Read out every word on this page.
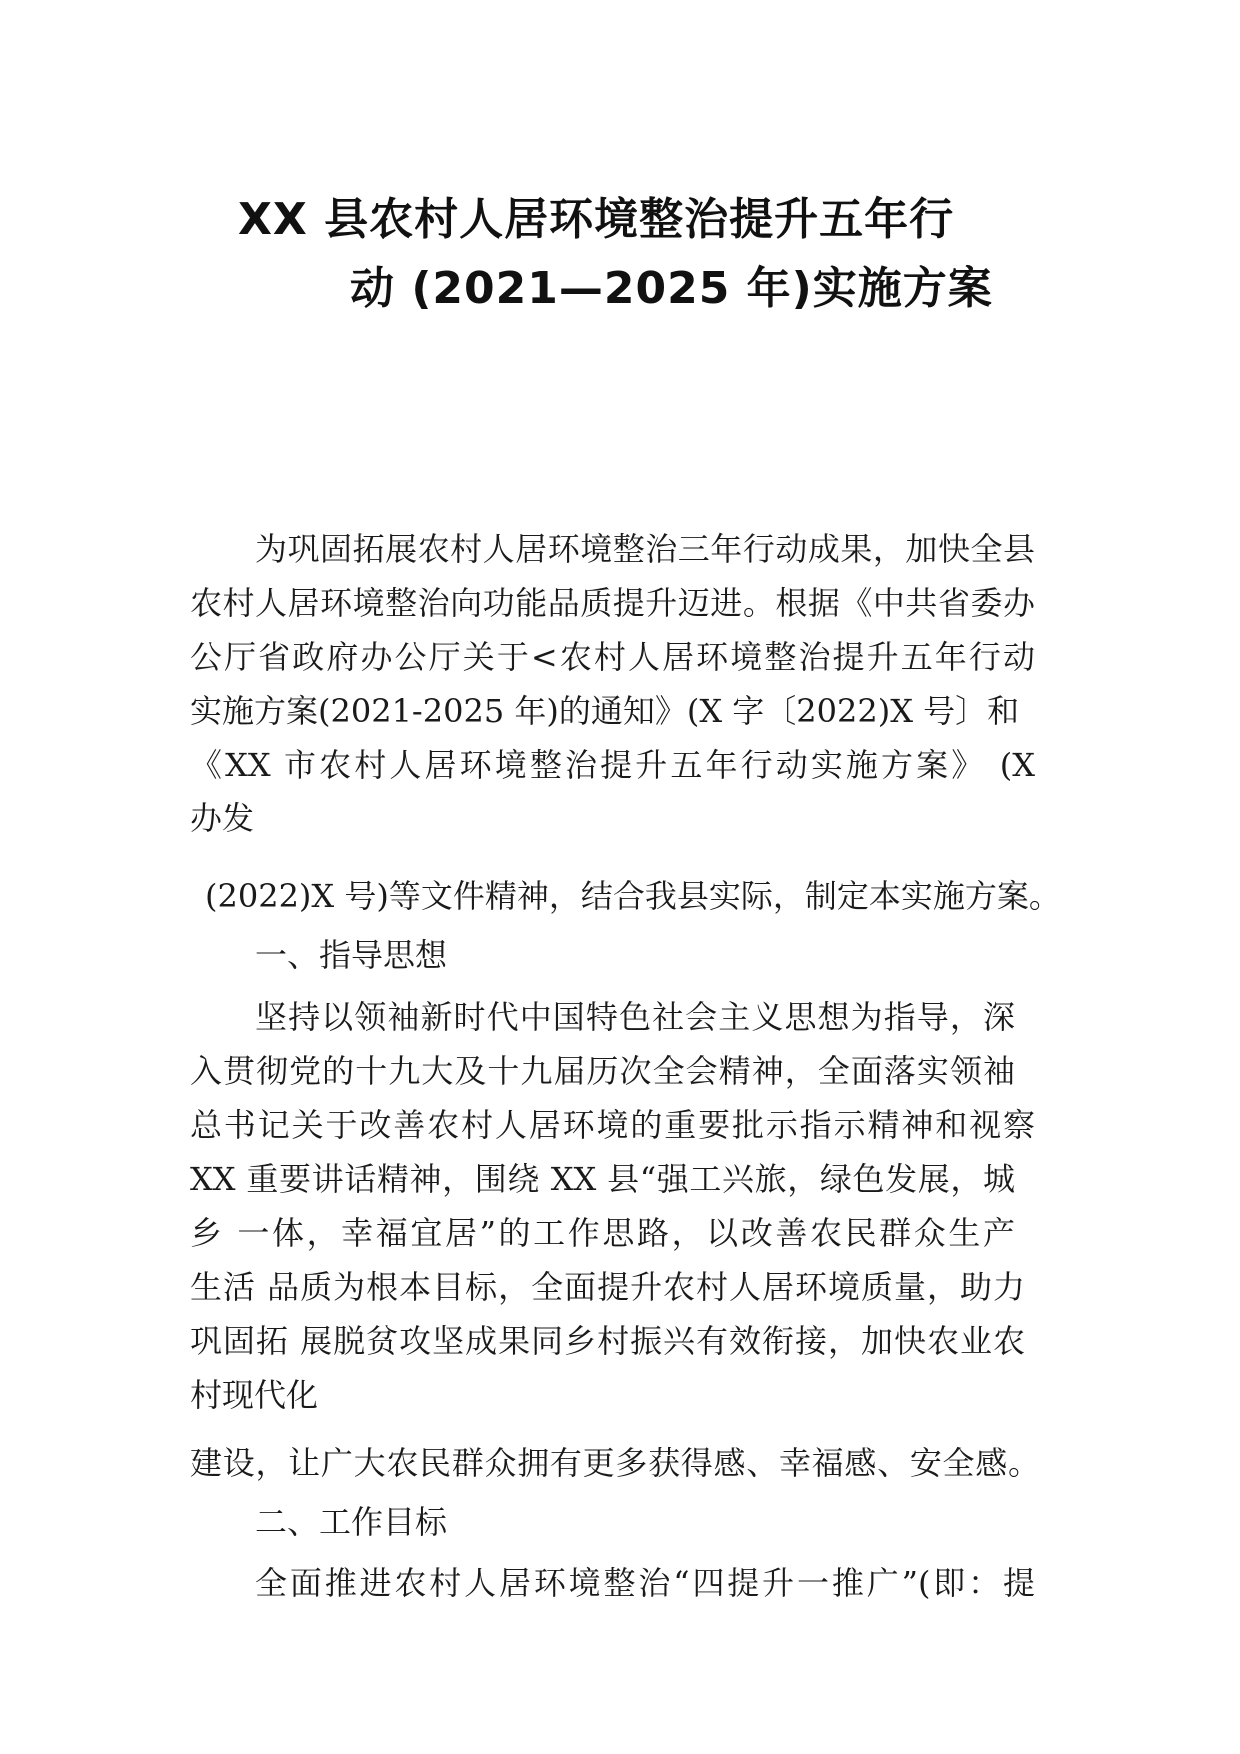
XX 县农村人居环境整治提升五年行
动 (2021—2025 年)实施方案
为巩固拓展农村人居环境整治三年行动成果，加快全县
农村人居环境整治向功能品质提升迈进。根据《中共省委办
公厅省政府办公厅关于<农村人居环境整治提升五年行动
实施方案(2021-2025 年)的通知》(X 字〔2022)X 号〕和
《XX 市农村人居环境整治提升五年行动实施方案》 (X
办发
(2022)X 号)等文件精神，结合我县实际，制定本实施方案。
一、指导思想
坚持以领袖新时代中国特色社会主义思想为指导，深
入贯彻党的十九大及十九届历次全会精神，全面落实领袖
总书记关于改善农村人居环境的重要批示指示精神和视察
XX 重要讲话精神，围绕 XX 县“强工兴旅，绿色发展，城
乡 一体，幸福宜居”的工作思路，以改善农民群众生产
生活 品质为根本目标，全面提升农村人居环境质量，助力
巩固拓 展脱贫攻坚成果同乡村振兴有效衔接，加快农业农
村现代化
建设，让广大农民群众拥有更多获得感、幸福感、安全感。
二、工作目标
全面推进农村人居环境整治“四提升一推广”(即：提
